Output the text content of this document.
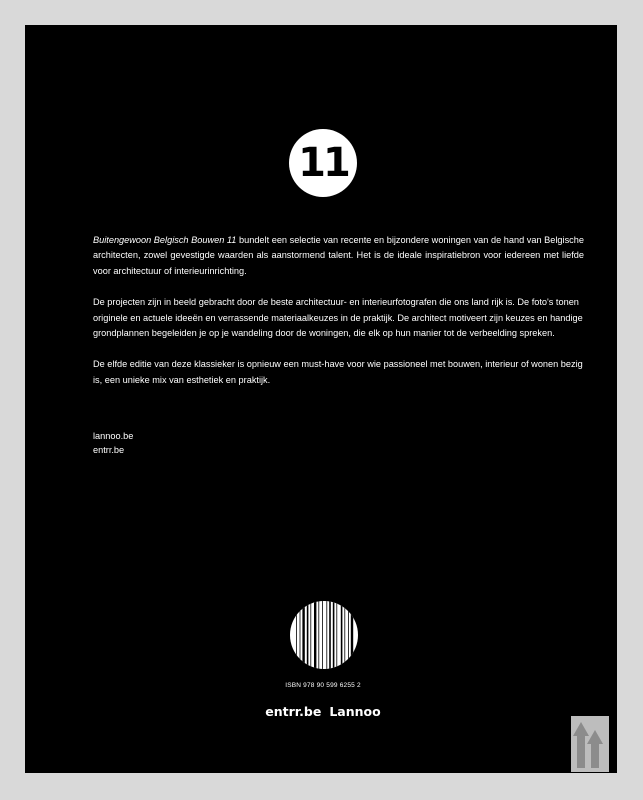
11

Buitengewoon Belgisch Bouwen 11 bundelt een selectie van recente en bijzondere woningen van de hand van Belgische architecten, zowel gevestigde waarden als aanstormend talent. Het is de ideale inspiratiebron voor iedereen met liefde voor architectuur of interieurinrichting.

De projecten zijn in beeld gebracht door de beste architectuur- en interieurfotografen die ons land rijk is. De foto's tonen originele en actuele ideeën en verrassende materiaalkeuzes in de praktijk. De architect motiveert zijn keuzes en handige grondplannen begeleiden je op je wandeling door de woningen, die elk op hun manier tot de verbeelding spreken.

De elfde editie van deze klassieker is opnieuw een must-have voor wie passioneel met bouwen, interieur of wonen bezig is, een unieke mix van esthetiek en praktijk.

lannoo.be
entrr.be
ISBN 978 90 599 6255 2
entrr.be Lannoo
